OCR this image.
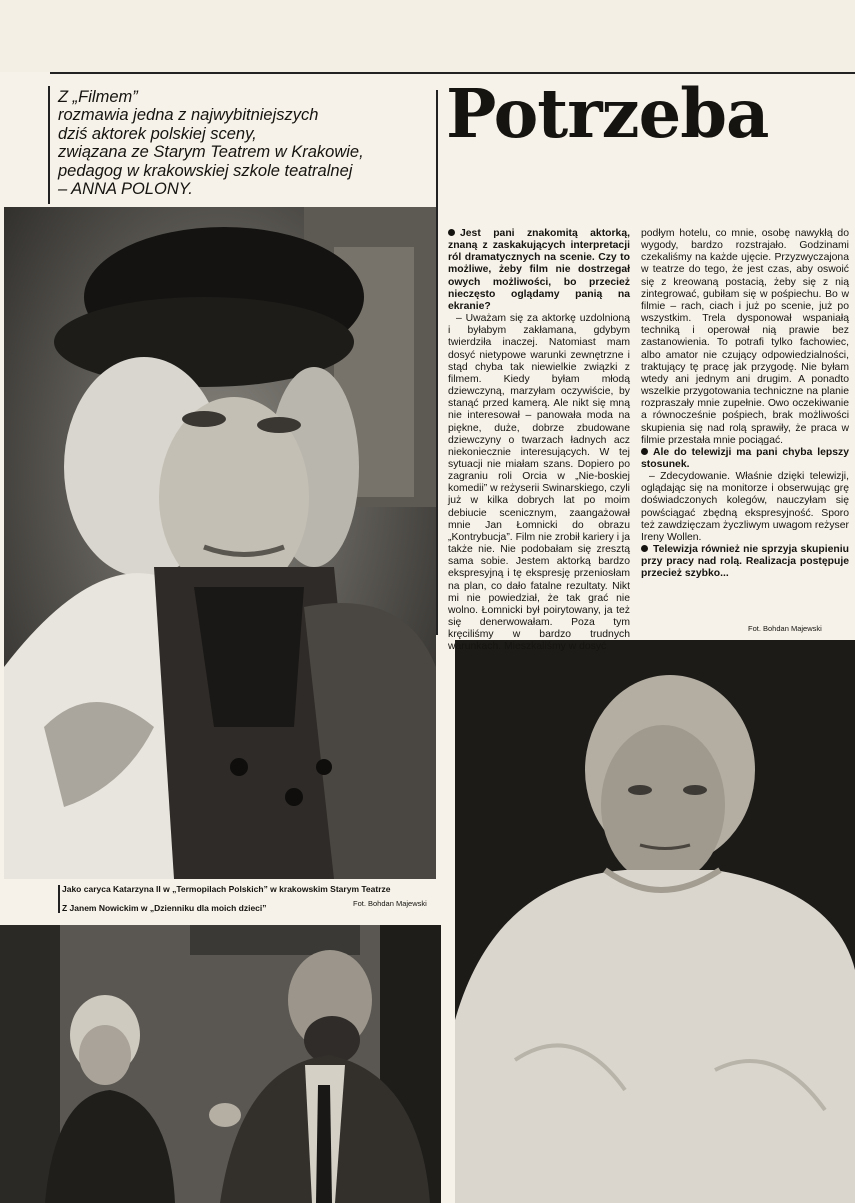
Z „Filmem”

rozmawia jedna z najwybitniejszych

dziś aktorek polskiej sceny,

związana ze Starym Teatrem w Krakowie,

pedagog w krakowskiej szkole teatralnej

– ANNA POLONY.

Potrzeba
Jako caryca Katarzyna II w „Termopilach Polskich” w krakowskim Starym Teatrze
Fot. Bohdan Majewski
Z Janem Nowickim w „Dzienniku dla moich dzieci”
Fot. Bohdan Majewski

Jest pani znakomitą aktorką, znaną z zaskakujących interpretacji ról dramatycznych na scenie. Czy to możliwe, żeby film nie dostrzegał owych możliwości, bo przecież nieczęsto oglądamy panią na ekranie?

– Uważam się za aktorkę uzdolnioną i byłabym zakłamana, gdybym twierdziła inaczej. Natomiast mam dosyć nietypowe warunki zewnętrzne i stąd chyba tak niewielkie związki z filmem. Kiedy byłam młodą dziewczyną, marzyłam oczywiście, by stanąć przed kamerą. Ale nikt się mną nie interesował – panowała moda na piękne, duże, dobrze zbudowane dziewczyny o twarzach ładnych acz niekoniecznie interesujących. W tej sytuacji nie miałam szans. Dopiero po zagraniu roli Orcia w „Nie-boskiej komedii” w reżyserii Swinarskiego, czyli już w kilka dobrych lat po moim debiucie scenicznym, zaangażował mnie Jan Łomnicki do obrazu „Kontrybucja”. Film nie zrobił kariery i ja także nie. Nie podobałam się zresztą sama sobie. Jestem aktorką bardzo ekspresyjną i tę ekspresję przeniosłam na plan, co dało fatalne rezultaty. Nikt mi nie powiedział, że tak grać nie wolno. Łomnicki był poirytowany, ja też się denerwowałam. Poza tym kręciliśmy w bardzo trudnych warunkach. Mieszkaliśmy w dosyć

podłym hotelu, co mnie, osobę nawykłą do wygody, bardzo rozstrajało. Godzinami czekaliśmy na każde ujęcie. Przyzwyczajona w teatrze do tego, że jest czas, aby oswoić się z kreowaną postacią, żeby się z nią zintegrować, gubiłam się w pośpiechu. Bo w filmie – rach, ciach i już po scenie, już po wszystkim. Trela dysponował wspaniałą techniką i operował nią prawie bez zastanowienia. To potrafi tylko fachowiec, albo amator nie czujący odpowiedzialności, traktujący tę pracę jak przygodę. Nie byłam wtedy ani jednym ani drugim. A ponadto wszelkie przygotowania techniczne na planie rozpraszały mnie zupełnie. Owo oczekiwanie a równocześnie pośpiech, brak możliwości skupienia się nad rolą sprawiły, że praca w filmie przestała mnie pociągać.

Ale do telewizji ma pani chyba lepszy stosunek.

– Zdecydowanie. Właśnie dzięki telewizji, oglądając się na monitorze i obserwując grę doświadczonych kolegów, nauczyłam się powściągać zbędną ekspresyjność. Sporo też zawdzięczam życzliwym uwagom reżyser Ireny Wollen.

Telewizja również nie sprzyja skupieniu przy pracy nad rolą. Realizacja postępuje przecież szybko...
